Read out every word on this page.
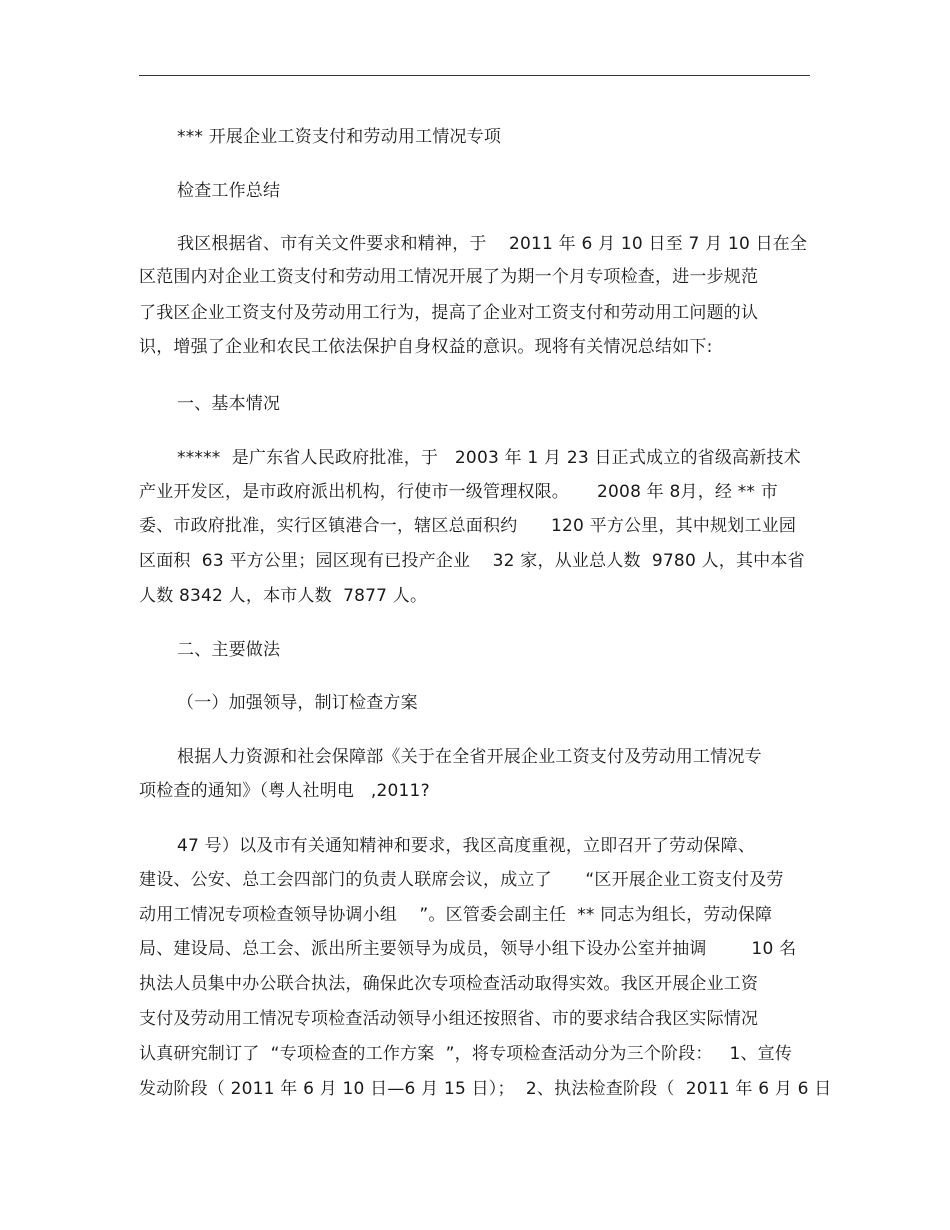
*** 开展企业工资支付和劳动用工情况专项
检查工作总结
我区根据省、市有关文件要求和精神，于    2011 年 6 月 10 日至 7 月 10 日在全
区范围内对企业工资支付和劳动用工情况开展了为期一个月专项检查，进一步规范
了我区企业工资支付及劳动用工行为，提高了企业对工资支付和劳动用工问题的认
识，增强了企业和农民工依法保护自身权益的意识。现将有关情况总结如下:
一、基本情况
*****  是广东省人民政府批准，于   2003 年 1 月 23 日正式成立的省级高新技术
产业开发区，是市政府派出机构，行使市一级管理权限。     2008 年 8月，经 ** 市
委、市政府批准，实行区镇港合一，辖区总面积约      120 平方公里，其中规划工业园
区面积  63 平方公里；园区现有已投产企业    32 家，从业总人数  9780 人，其中本省
人数 8342 人，本市人数  7877 人。
二、主要做法
（一）加强领导，制订检查方案
根据人力资源和社会保障部《关于在全省开展企业工资支付及劳动用工情况专
项检查的通知》（粤人社明电   ,2011?
47 号）以及市有关通知精神和要求，我区高度重视，立即召开了劳动保障、
建设、公安、总工会四部门的负责人联席会议，成立了      “区开展企业工资支付及劳
动用工情况专项检查领导协调小组    ”。区管委会副主任  ** 同志为组长，劳动保障
局、建设局、总工会、派出所主要领导为成员，领导小组下设办公室并抽调        10 名
执法人员集中办公联合执法，确保此次专项检查活动取得实效。我区开展企业工资
支付及劳动用工情况专项检查活动领导小组还按照省、市的要求结合我区实际情况
认真研究制订了  “专项检查的工作方案  ”，将专项检查活动分为三个阶段：   1、宣传
发动阶段（ 2011 年 6 月 10 日—6 月 15 日）；  2、执法检查阶段（  2011 年 6 月 6 日
